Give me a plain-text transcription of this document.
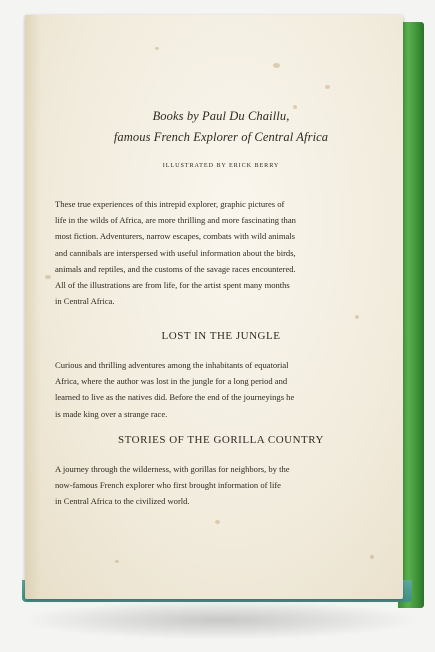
Books by Paul Du Chaillu,
famous French Explorer of Central Africa
ILLUSTRATED BY ERICK BERRY
These true experiences of this intrepid explorer, graphic pictures of
life in the wilds of Africa, are more thrilling and more fascinating than
most fiction. Adventurers, narrow escapes, combats with wild animals
and cannibals are interspersed with useful information about the birds,
animals and reptiles, and the customs of the savage races encountered.
All of the illustrations are from life, for the artist spent many months
in Central Africa.
LOST IN THE JUNGLE
Curious and thrilling adventures among the inhabitants of equatorial
Africa, where the author was lost in the jungle for a long period and
learned to live as the natives did. Before the end of the journeyings he
is made king over a strange race.
STORIES OF THE GORILLA COUNTRY
A journey through the wilderness, with gorillas for neighbors, by the
now-famous French explorer who first brought information of life
in Central Africa to the civilized world.
